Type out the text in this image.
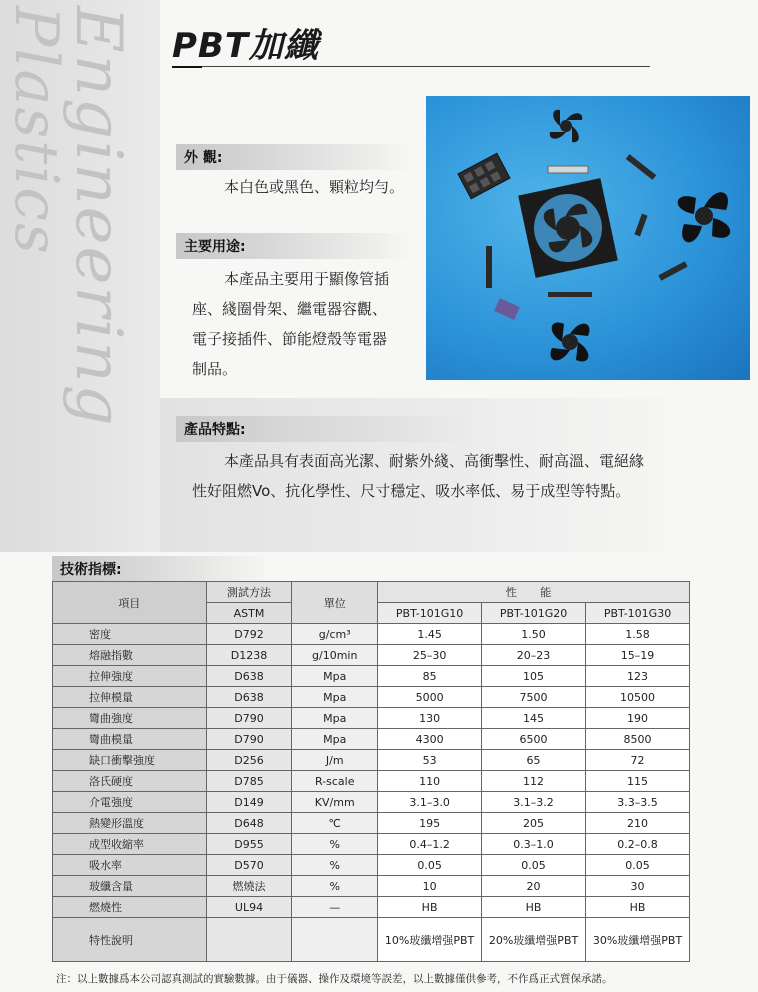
Plastics
Engineering PBT加纖
外 觀:
本白色或黑色、顆粒均勻。
主要用途:
本產品主要用于顯像管插
座、綫圈骨架、繼電器容觀、
電子接插件、節能燈殼等電器
制品。
產品特點:
本產品具有表面高光潔、耐紫外綫、高衝擊性、耐高溫、電絕緣
性好阻燃Vo、抗化學性、尺寸穩定、吸水率低、易于成型等特點。
技術指標:
項目	測試方法	單位	性 能		
	ASTM		PBT-101G10	PBT-101G20	PBT-101G30
密度	D792	g/cm³	1.45	1.50	1.58
熔融指數	D1238	g/10min	25–30	20–23	15–19
拉伸強度	D638	Mpa	85	105	123
拉伸模量	D638	Mpa	5000	7500	10500
彎曲強度	D790	Mpa	130	145	190
彎曲模量	D790	Mpa	4300	6500	8500
缺口衝擊強度	D256	J/m	53	65	72
洛氏硬度	D785	R-scale	110	112	115
介電強度	D149	KV/mm	3.1–3.0	3.1–3.2	3.3–3.5
熱變形溫度	D648	℃	195	205	210
成型收縮率	D955	%	0.4–1.2	0.3–1.0	0.2–0.8
吸水率	D570	%	0.05	0.05	0.05
玻纖含量	燃燒法	%	10	20	30
燃燒性	UL94	—	HB	HB	HB
特性說明			10%玻纖增强PBT	20%玻纖增强PBT	30%玻纖增强PBT
注：以上數據爲本公司認真測試的實驗數據。由于儀器、操作及環境等誤差，以上數據僅供參考，不作爲正式質保承諾。
